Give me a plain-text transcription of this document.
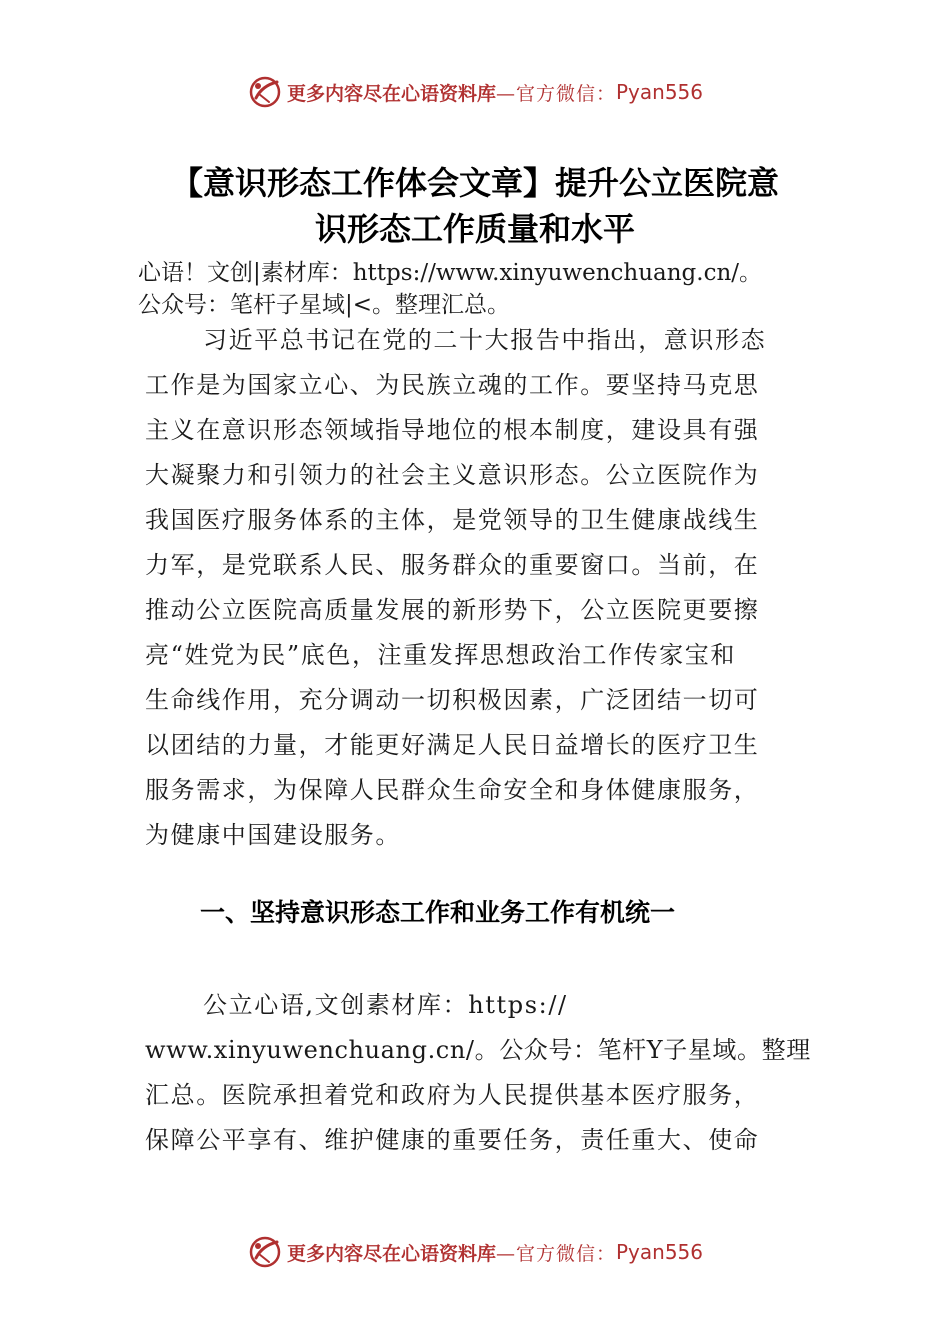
更多内容尽在心语资料库 —官方微信： Pyan556
【意识形态工作体会文章】提升公立医院意
识形态工作质量和水平
心语！文创|素材库：https://www.xinyuwenchuang.cn/。
公众号：笔杆子星域|<。整理汇总。
习近平总书记在党的二十大报告中指出，意识形态
工作是为国家立心、为民族立魂的工作。要坚持马克思
主义在意识形态领域指导地位的根本制度，建设具有强
大凝聚力和引领力的社会主义意识形态。公立医院作为
我国医疗服务体系的主体，是党领导的卫生健康战线生
力军，是党联系人民、服务群众的重要窗口。当前，在
推动公立医院高质量发展的新形势下，公立医院更要擦
亮“姓党为民”底色，注重发挥思想政治工作传家宝和
生命线作用，充分调动一切积极因素，广泛团结一切可
以团结的力量，才能更好满足人民日益增长的医疗卫生
服务需求，为保障人民群众生命安全和身体健康服务，
为健康中国建设服务。
一、坚持意识形态工作和业务工作有机统一
公立心语,文创素材库：https://
www.xinyuwenchuang.cn/。公众号：笔杆Y子星域。整理
汇总。医院承担着党和政府为人民提供基本医疗服务，
保障公平享有、维护健康的重要任务，责任重大、使命
更多内容尽在心语资料库 —官方微信： Pyan556
